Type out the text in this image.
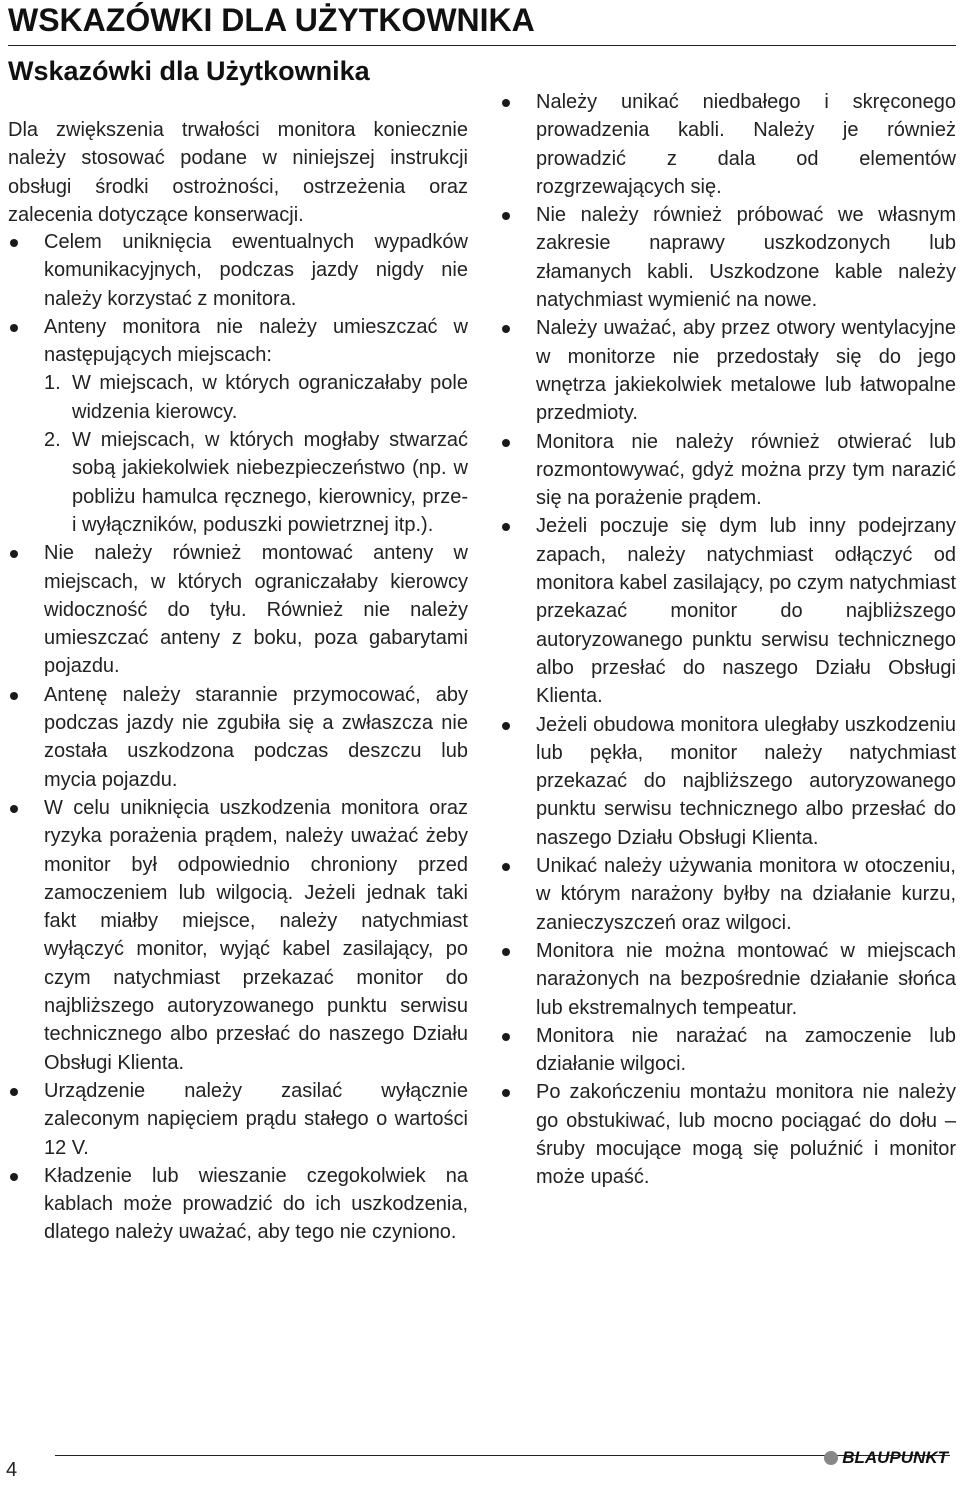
WSKAZÓWKI DLA UŻYTKOWNIKA
Wskazówki dla Użytkownika
Dla zwiększenia trwałości monitora koniecznie należy stosować podane w niniejszej instrukcji obsługi środki ostrożności, ostrzeżenia oraz zalecenia dotyczące konserwacji.
Celem uniknięcia ewentualnych wypadków komunikacyjnych, podczas jazdy nigdy nie należy korzystać z monitora.
Anteny monitora nie należy umieszczać w następujących miejscach:
1. W miejscach, w których ograniczałaby pole widzenia kierowcy.
2. W miejscach, w których mogłaby stwarzać sobą jakiekolwiek niebezpieczeństwo (np. w pobliżu hamulca ręcznego, kierownicy, prze- i wyłączników, poduszki powietrznej itp.).
Nie należy również montować anteny w miejscach, w których ograniczałaby kierowcy widoczność do tyłu. Również nie należy umieszczać anteny z boku, poza gabarytami pojazdu.
Antenę należy starannie przymocować, aby podczas jazdy nie zgubiła się a zwłaszcza nie została uszkodzona podczas deszczu lub mycia pojazdu.
W celu uniknięcia uszkodzenia monitora oraz ryzyka porażenia prądem, należy uważać żeby monitor był odpowiednio chroniony przed zamoczeniem lub wilgocią. Jeżeli jednak taki fakt miałby miejsce, należy natychmiast wyłączyć monitor, wyjąć kabel zasilający, po czym natychmiast przekazać monitor do najbliższego autoryzowanego punktu serwisu technicznego albo przesłać do naszego Działu Obsługi Klienta.
Urządzenie należy zasilać wyłącznie zaleconym napięciem prądu stałego o wartości 12 V.
Kładzenie lub wieszanie czegokolwiek na kablach może prowadzić do ich uszkodzenia, dlatego należy uważać, aby tego nie czyniono.
Należy unikać niedbałego i skręconego prowadzenia kabli. Należy je również prowadzić z dala od elementów rozgrzewających się.
Nie należy również próbować we własnym zakresie naprawy uszkodzonych lub złamanych kabli. Uszkodzone kable należy natychmiast wymienić na nowe.
Należy uważać, aby przez otwory wentylacyjne w monitorze nie przedostały się do jego wnętrza jakiekolwiek metalowe lub łatwopalne przedmioty.
Monitora nie należy również otwierać lub rozmontowywać, gdyż można przy tym narazić się na porażenie prądem.
Jeżeli poczuje się dym lub inny podejrzany zapach, należy natychmiast odłączyć od monitora kabel zasilający, po czym natychmiast przekazać monitor do najbliższego autoryzowanego punktu serwisu technicznego albo przesłać do naszego Działu Obsługi Klienta.
Jeżeli obudowa monitora uległaby uszkodzeniu lub pękła, monitor należy natychmiast przekazać do najbliższego autoryzowanego punktu serwisu technicznego albo przesłać do naszego Działu Obsługi Klienta.
Unikać należy używania monitora w otoczeniu, w którym narażony byłby na działanie kurzu, zanieczyszczeń oraz wilgoci.
Monitora nie można montować w miejscach narażonych na bezpośrednie działanie słońca lub ekstremalnych tempeatur.
Monitora nie narażać na zamoczenie lub działanie wilgoci.
Po zakończeniu montażu monitora nie należy go obstukiwać, lub mocno pociągać do dołu – śruby mocujące mogą się poluźnić i monitor może upaść.
4
BLAUPUNKT
